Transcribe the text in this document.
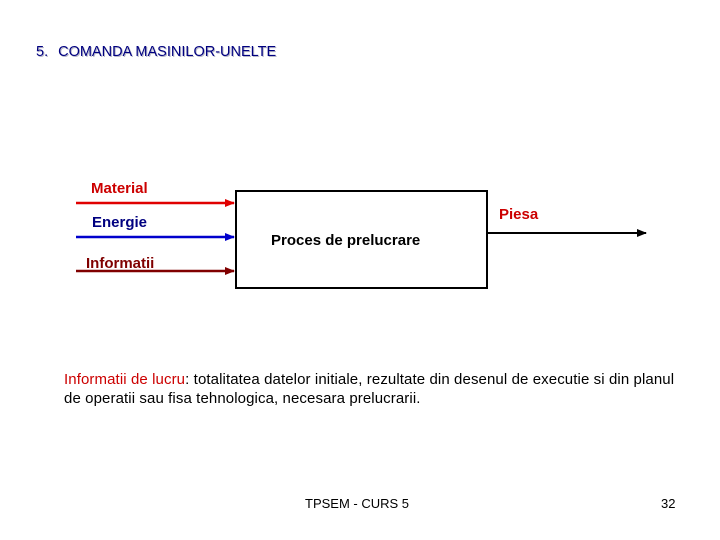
5. COMANDA MASINILOR-UNELTE
Material
Energie
Informatii
Proces de prelucrare
Piesa
Informatii de lucru: totalitatea datelor initiale, rezultate din desenul de executie si din planul de operatii sau fisa tehnologica, necesara prelucrarii.
TPSEM - CURS 5	32
